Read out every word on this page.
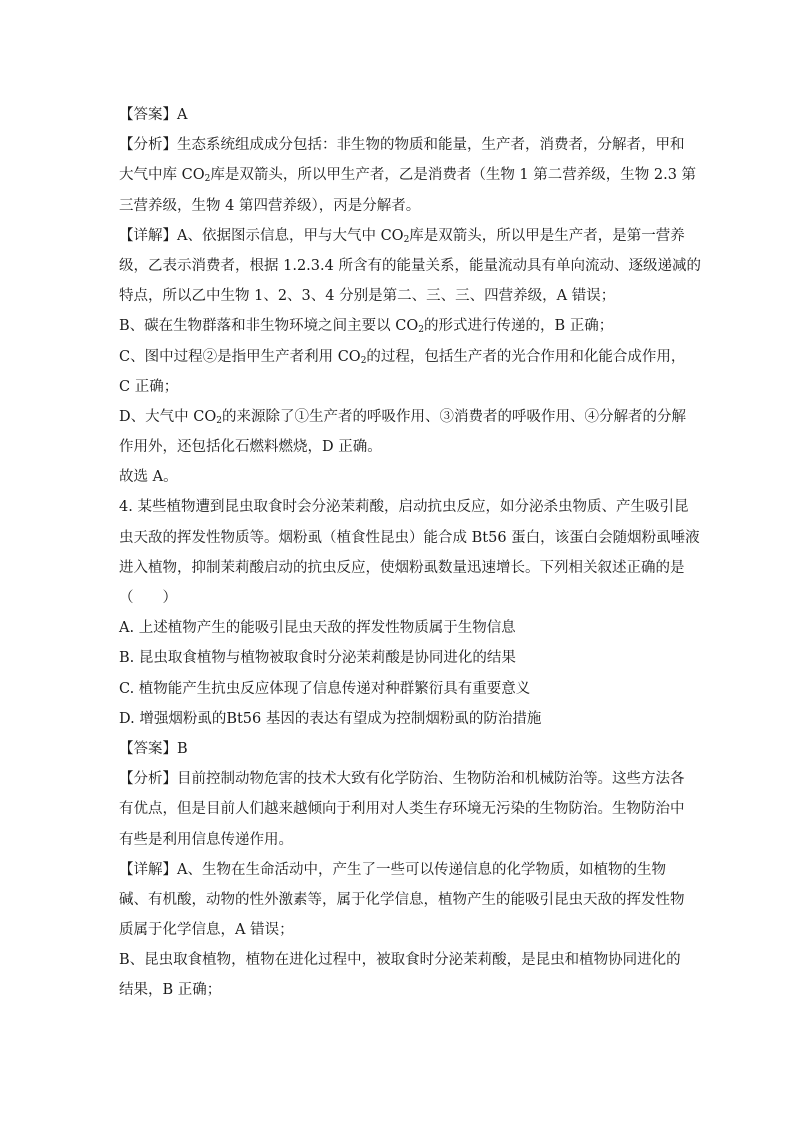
【答案】A
【分析】生态系统组成成分包括：非生物的物质和能量，生产者，消费者，分解者，甲和
大气中库 $CO_2$库是双箭头，所以甲生产者，乙是消费者（生物 1 第二营养级，生物 2.3 第
三营养级，生物 4 第四营养级），丙是分解者。
【详解】A、依据图示信息，甲与大气中 $CO_2$库是双箭头，所以甲是生产者，是第一营养
级，乙表示消费者，根据 1.2.3.4 所含有的能量关系，能量流动具有单向流动、逐级递减的
特点，所以乙中生物 1、2、3、4 分别是第二、三、三、四营养级，A 错误；
B、碳在生物群落和非生物环境之间主要以 $CO_2$的形式进行传递的，B 正确；
C、图中过程②是指甲生产者利用 $CO_2$的过程，包括生产者的光合作用和化能合成作用，
C 正确；
D、大气中 $CO_2$的来源除了①生产者的呼吸作用、③消费者的呼吸作用、④分解者的分解
作用外，还包括化石燃料燃烧，D 正确。
故选 A。
4. 某些植物遭到昆虫取食时会分泌茉莉酸，启动抗虫反应，如分泌杀虫物质、产生吸引昆
虫天敌的挥发性物质等。烟粉虱（植食性昆虫）能合成 Bt56 蛋白，该蛋白会随烟粉虱唾液
进入植物，抑制茉莉酸启动的抗虫反应，使烟粉虱数量迅速增长。下列相关叙述正确的是
（　　）
A. 上述植物产生的能吸引昆虫天敌的挥发性物质属于生物信息
B. 昆虫取食植物与植物被取食时分泌茉莉酸是协同进化的结果
C. 植物能产生抗虫反应体现了信息传递对种群繁衍具有重要意义
D. 增强烟粉虱的Bt56 基因的表达有望成为控制烟粉虱的防治措施
【答案】B
【分析】目前控制动物危害的技术大致有化学防治、生物防治和机械防治等。这些方法各
有优点，但是目前人们越来越倾向于利用对人类生存环境无污染的生物防治。生物防治中
有些是利用信息传递作用。
【详解】A、生物在生命活动中，产生了一些可以传递信息的化学物质，如植物的生物
碱、有机酸，动物的性外激素等，属于化学信息，植物产生的能吸引昆虫天敌的挥发性物
质属于化学信息，A 错误；
B、昆虫取食植物，植物在进化过程中，被取食时分泌茉莉酸，是昆虫和植物协同进化的
结果，B 正确；
